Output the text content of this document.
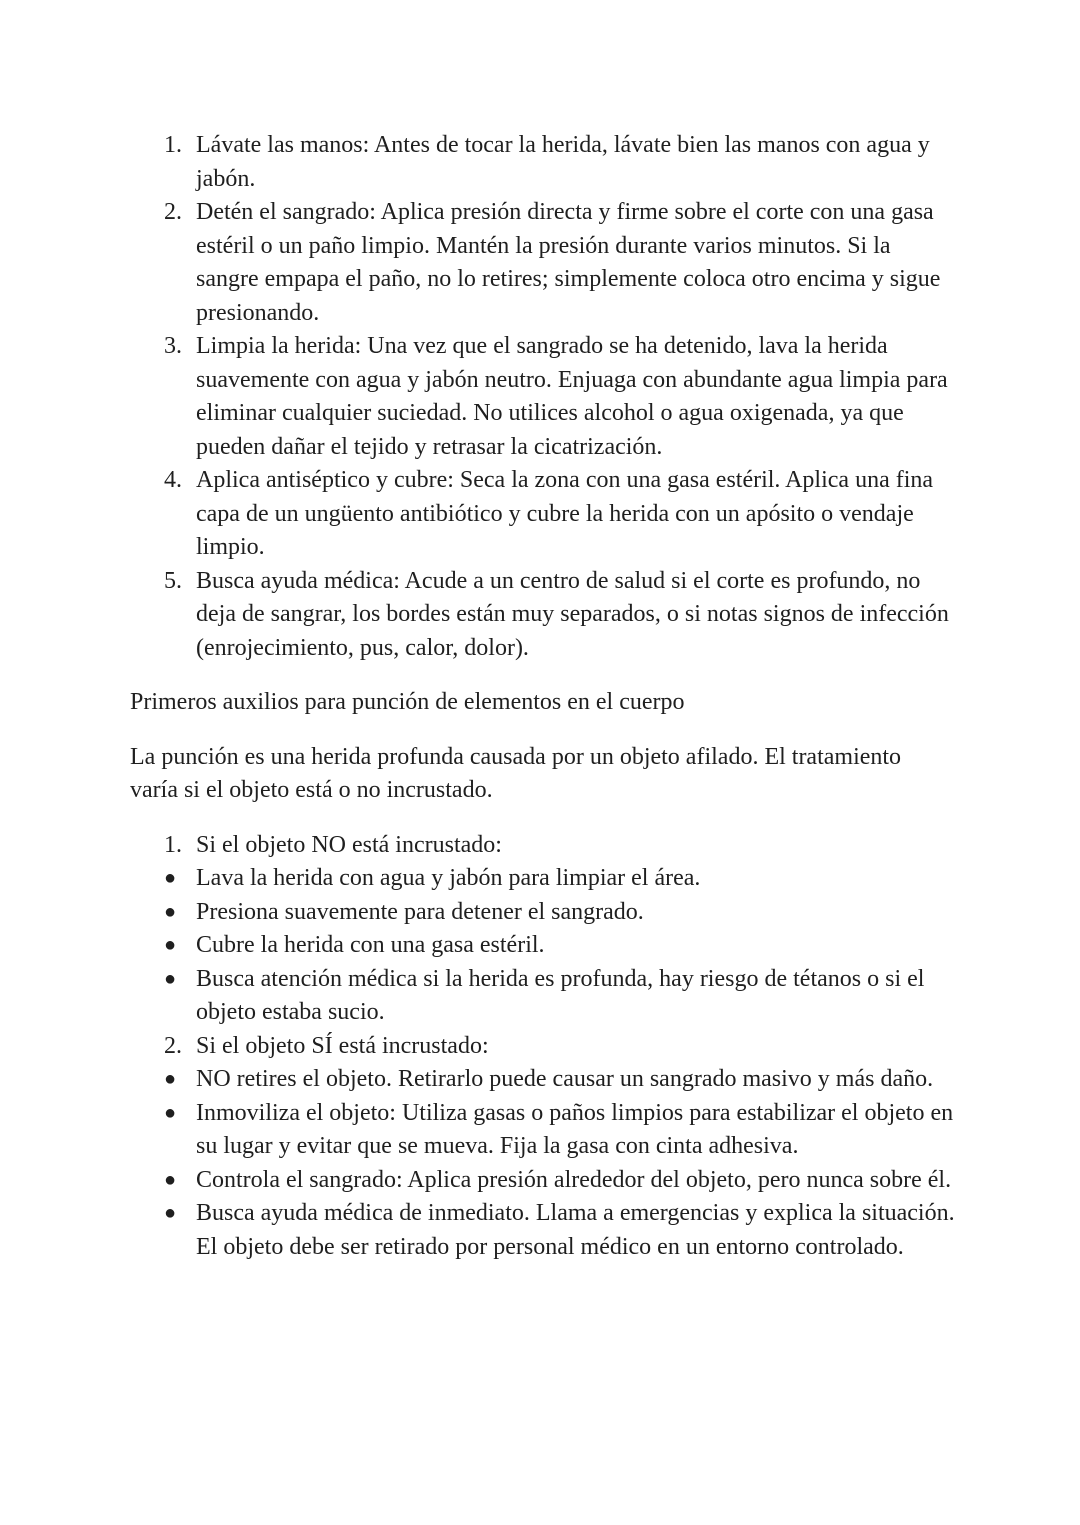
1. Lávate las manos: Antes de tocar la herida, lávate bien las manos con agua y jabón.
2. Detén el sangrado: Aplica presión directa y firme sobre el corte con una gasa estéril o un paño limpio. Mantén la presión durante varios minutos. Si la sangre empapa el paño, no lo retires; simplemente coloca otro encima y sigue presionando.
3. Limpia la herida: Una vez que el sangrado se ha detenido, lava la herida suavemente con agua y jabón neutro. Enjuaga con abundante agua limpia para eliminar cualquier suciedad. No utilices alcohol o agua oxigenada, ya que pueden dañar el tejido y retrasar la cicatrización.
4. Aplica antiséptico y cubre: Seca la zona con una gasa estéril. Aplica una fina capa de un ungüento antibiótico y cubre la herida con un apósito o vendaje limpio.
5. Busca ayuda médica: Acude a un centro de salud si el corte es profundo, no deja de sangrar, los bordes están muy separados, o si notas signos de infección (enrojecimiento, pus, calor, dolor).

Primeros auxilios para punción de elementos en el cuerpo

La punción es una herida profunda causada por un objeto afilado. El tratamiento varía si el objeto está o no incrustado.

1. Si el objeto NO está incrustado:
● Lava la herida con agua y jabón para limpiar el área.
● Presiona suavemente para detener el sangrado.
● Cubre la herida con una gasa estéril.
● Busca atención médica si la herida es profunda, hay riesgo de tétanos o si el objeto estaba sucio.
2. Si el objeto SÍ está incrustado:
● NO retires el objeto. Retirarlo puede causar un sangrado masivo y más daño.
● Inmoviliza el objeto: Utiliza gasas o paños limpios para estabilizar el objeto en su lugar y evitar que se mueva. Fija la gasa con cinta adhesiva.
● Controla el sangrado: Aplica presión alrededor del objeto, pero nunca sobre él.
● Busca ayuda médica de inmediato. Llama a emergencias y explica la situación. El objeto debe ser retirado por personal médico en un entorno controlado.
